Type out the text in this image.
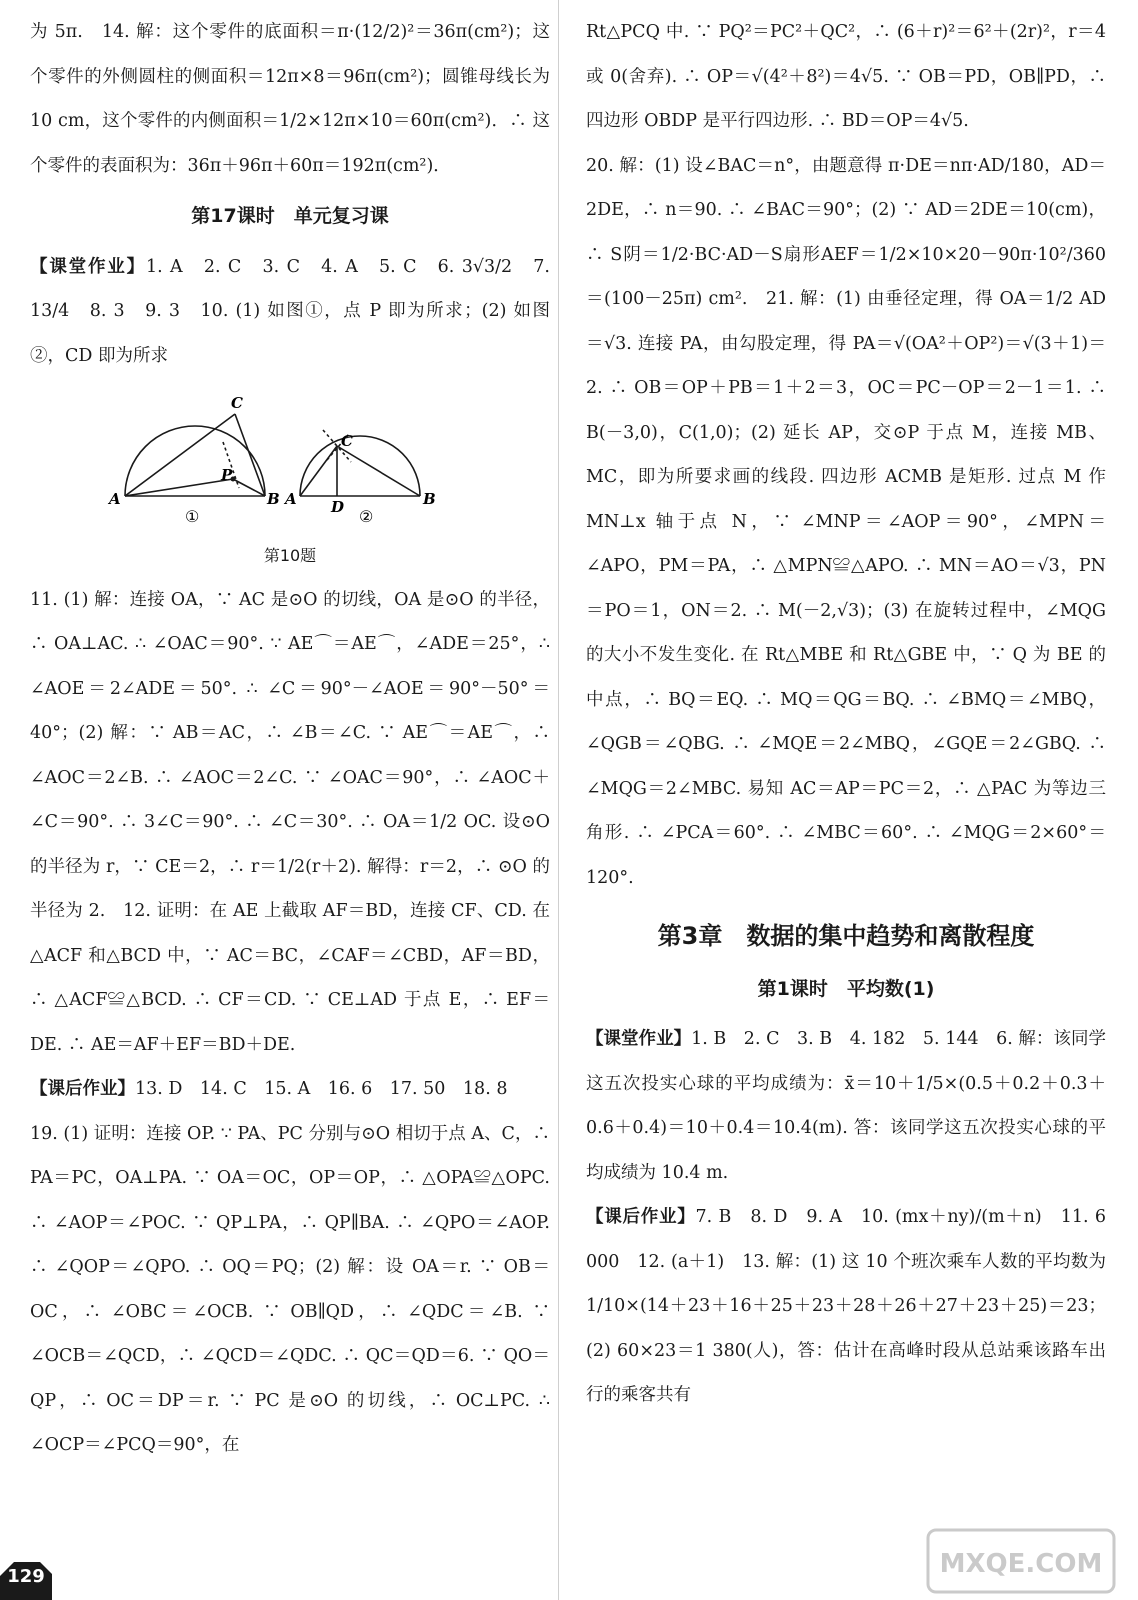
为 5π.　14. 解：这个零件的底面积＝π·(12/2)²＝36π(cm²)；这个零件的外侧圆柱的侧面积＝12π×8＝96π(cm²)；圆锥母线长为 10 cm，这个零件的内侧面积＝1/2×12π×10＝60π(cm²)．∴ 这个零件的表面积为：36π＋96π＋60π＝192π(cm²)．

第17课时　单元复习课

【课堂作业】1. A　2. C　3. C　4. A　5. C　6. 3√3/2　7. 13/4　8. 3　9. 3　10. (1) 如图①，点 P 即为所求；(2) 如图②，CD 即为所求

A	B
C
P
①
A	B
C
D ②
第10题

11. (1) 解：连接 OA，∵ AC 是⊙O 的切线，OA 是⊙O 的半径，∴ OA⊥AC. ∴ ∠OAC＝90°. ∵ AE⌒＝AE⌒，∠ADE＝25°，∴ ∠AOE＝2∠ADE＝50°. ∴ ∠C＝90°－∠AOE＝90°－50°＝40°；(2) 解：∵ AB＝AC，∴ ∠B＝∠C. ∵ AE⌒＝AE⌒，∴ ∠AOC＝2∠B. ∴ ∠AOC＝2∠C. ∵ ∠OAC＝90°，∴ ∠AOC＋∠C＝90°. ∴ 3∠C＝90°. ∴ ∠C＝30°. ∴ OA＝1/2 OC. 设⊙O 的半径为 r，∵ CE＝2，∴ r＝1/2(r＋2). 解得：r＝2，∴ ⊙O 的半径为 2.　12. 证明：在 AE 上截取 AF＝BD，连接 CF、CD. 在△ACF 和△BCD 中，∵ AC＝BC，∠CAF＝∠CBD，AF＝BD，∴ △ACF≌△BCD. ∴ CF＝CD. ∵ CE⊥AD 于点 E，∴ EF＝DE. ∴ AE＝AF＋EF＝BD＋DE.

【课后作业】13. D　14. C　15. A　16. 6　17. 50　18. 8

19. (1) 证明：连接 OP. ∵ PA、PC 分别与⊙O 相切于点 A、C，∴ PA＝PC，OA⊥PA. ∵ OA＝OC，OP＝OP，∴ △OPA≌△OPC. ∴ ∠AOP＝∠POC. ∵ QP⊥PA，∴ QP∥BA. ∴ ∠QPO＝∠AOP. ∴ ∠QOP＝∠QPO. ∴ OQ＝PQ；(2) 解：设 OA＝r. ∵ OB＝OC，∴ ∠OBC＝∠OCB. ∵ OB∥QD，∴ ∠QDC＝∠B. ∵ ∠OCB＝∠QCD，∴ ∠QCD＝∠QDC. ∴ QC＝QD＝6. ∵ QO＝QP，∴ OC＝DP＝r. ∵ PC 是⊙O 的切线，∴ OC⊥PC. ∴ ∠OCP＝∠PCQ＝90°，在

Rt△PCQ 中. ∵ PQ²＝PC²＋QC²，∴ (6＋r)²＝6²＋(2r)²，r＝4 或 0(舍弃). ∴ OP＝√(4²＋8²)＝4√5. ∵ OB＝PD，OB∥PD，∴ 四边形 OBDP 是平行四边形. ∴ BD＝OP＝4√5.

20. 解：(1) 设∠BAC＝n°，由题意得 π·DE＝nπ·AD/180，AD＝2DE，∴ n＝90. ∴ ∠BAC＝90°；(2) ∵ AD＝2DE＝10(cm)，∴ S阴＝1/2·BC·AD－S扇形AEF＝1/2×10×20－90π·10²/360＝(100－25π) cm².　21. 解：(1) 由垂径定理，得 OA＝1/2 AD＝√3. 连接 PA，由勾股定理，得 PA＝√(OA²＋OP²)＝√(3＋1)＝2. ∴ OB＝OP＋PB＝1＋2＝3，OC＝PC－OP＝2－1＝1. ∴ B(－3,0)，C(1,0)；(2) 延长 AP，交⊙P 于点 M，连接 MB、MC，即为所要求画的线段. 四边形 ACMB 是矩形. 过点 M 作 MN⊥x 轴于点 N，∵ ∠MNP＝∠AOP＝90°，∠MPN＝∠APO，PM＝PA，∴ △MPN≌△APO. ∴ MN＝AO＝√3，PN＝PO＝1，ON＝2. ∴ M(－2,√3)；(3) 在旋转过程中，∠MQG 的大小不发生变化. 在 Rt△MBE 和 Rt△GBE 中，∵ Q 为 BE 的中点，∴ BQ＝EQ. ∴ MQ＝QG＝BQ. ∴ ∠BMQ＝∠MBQ，∠QGB＝∠QBG. ∴ ∠MQE＝2∠MBQ，∠GQE＝2∠GBQ. ∴ ∠MQG＝2∠MBC. 易知 AC＝AP＝PC＝2，∴ △PAC 为等边三角形. ∴ ∠PCA＝60°. ∴ ∠MBC＝60°. ∴ ∠MQG＝2×60°＝120°.

第3章　数据的集中趋势和离散程度
第1课时　平均数(1)

【课堂作业】1. B　2. C　3. B　4. 182　5. 144　6. 解：该同学这五次投实心球的平均成绩为：x̄＝10＋1/5×(0.5＋0.2＋0.3＋0.6＋0.4)＝10＋0.4＝10.4(m). 答：该同学这五次投实心球的平均成绩为 10.4 m.

【课后作业】7. B　8. D　9. A　10. (mx＋ny)/(m＋n)　11. 6 000　12. (a＋1)　13. 解：(1) 这 10 个班次乘车人数的平均数为 1/10×(14＋23＋16＋25＋23＋28＋26＋27＋23＋25)＝23；(2) 60×23＝1 380(人)，答：估计在高峰时段从总站乘该路车出行的乘客共有

129	MXQE.COM
